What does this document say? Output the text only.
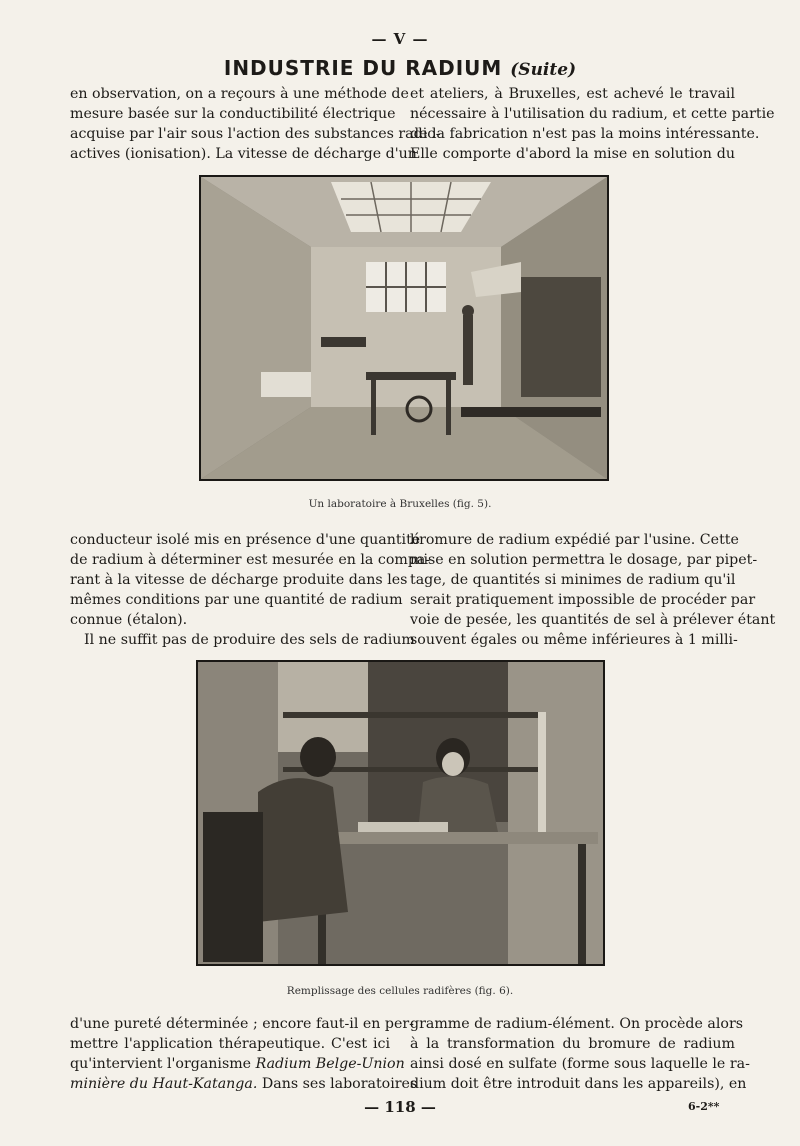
— V —
INDUSTRIE DU RADIUM (Suite)
en observation, on a reçours à une méthode de
mesure basée sur la conductibilité électrique
acquise par l'air sous l'action des substances radio-
actives (ionisation). La vitesse de décharge d'un
et ateliers, à Bruxelles, est achevé le travail
nécessaire à l'utilisation du radium, et cette partie
de la fabrication n'est pas la moins intéressante.
Elle comporte d'abord la mise en solution du
Un laboratoire à Bruxelles (fig. 5).
conducteur isolé mis en présence d'une quantité
de radium à déterminer est mesurée en la compa-
rant à la vitesse de décharge produite dans les
mêmes conditions par une quantité de radium
connue (étalon).
Il ne suffit pas de produire des sels de radium
bromure de radium expédié par l'usine. Cette
mise en solution permettra le dosage, par pipet-
tage, de quantités si minimes de radium qu'il
serait pratiquement impossible de procéder par
voie de pesée, les quantités de sel à prélever étant
souvent égales ou même inférieures à 1 milli-
Remplissage des cellules radifères (fig. 6).
d'une pureté déterminée ; encore faut-il en per-
mettre l'application thérapeutique. C'est ici
qu'intervient l'organisme Radium Belge-Union
minière du Haut-Katanga. Dans ses laboratoires
gramme de radium-élément. On procède alors
à la transformation du bromure de radium
ainsi dosé en sulfate (forme sous laquelle le ra-
dium doit être introduit dans les appareils), en
— 118 —	6-2**
